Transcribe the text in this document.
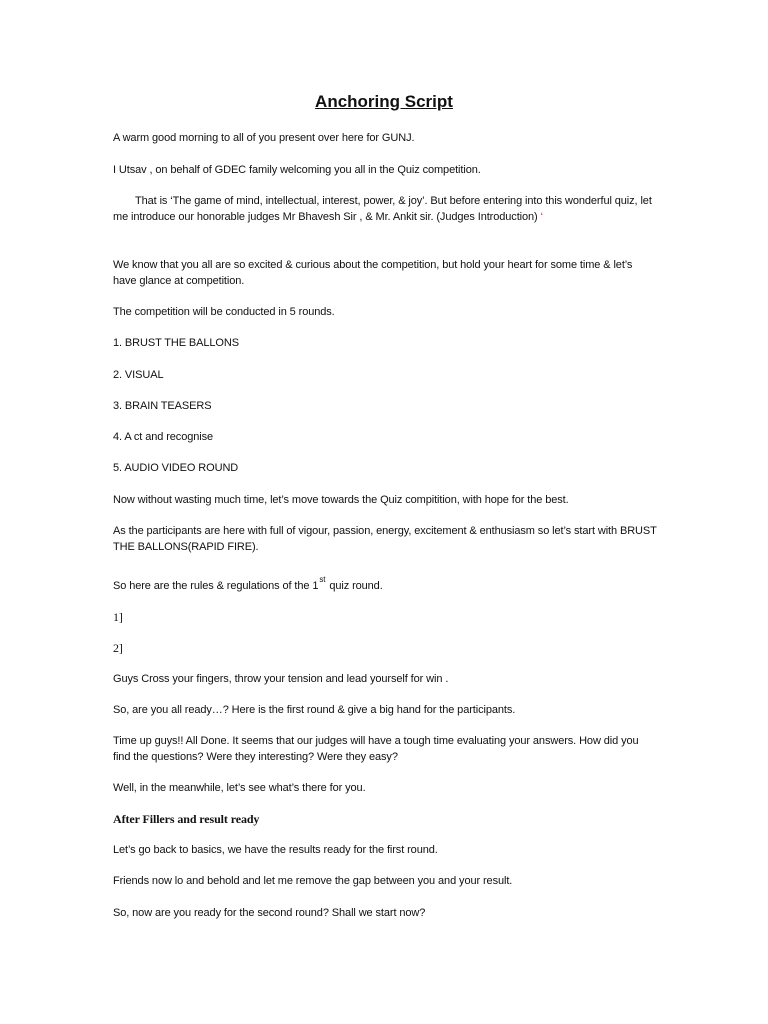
Anchoring Script
A warm good morning to all of you present over here for GUNJ.
I Utsav , on behalf of GDEC family welcoming you all in the Quiz competition.
That is ‘The game of mind, intellectual, interest, power, & joy’. But before entering into this wonderful quiz, let me introduce our honorable judges Mr Bhavesh Sir , & Mr. Ankit sir. (Judges Introduction) ‘
We know that you all are so excited & curious about the competition, but hold your heart for some time & let’s have glance at competition.
The competition will be conducted in 5 rounds.
1. BRUST THE BALLONS
2. VISUAL
3. BRAIN TEASERS
4. A ct and recognise
5. AUDIO VIDEO ROUND
Now without wasting much time, let’s move towards the Quiz compitition, with hope for the best.
As the participants are here with full of vigour, passion, energy, excitement & enthusiasm so let’s start with BRUST THE BALLONS(RAPID FIRE).
So here are the rules & regulations of the 1st quiz round.
1]
2]
Guys Cross your fingers, throw your tension and lead yourself for win .
So, are you all ready…? Here is the first round & give a big hand for the participants.
Time up guys!! All Done. It seems that our judges will have a tough time evaluating your answers. How did you find the questions? Were they interesting? Were they easy?
Well, in the meanwhile, let’s see what’s there for you.
After Fillers and result ready
Let’s go back to basics, we have the results ready for the first round.
Friends now lo and behold and let me remove the gap between you and your result.
So, now are you ready for the second round? Shall we start now?
